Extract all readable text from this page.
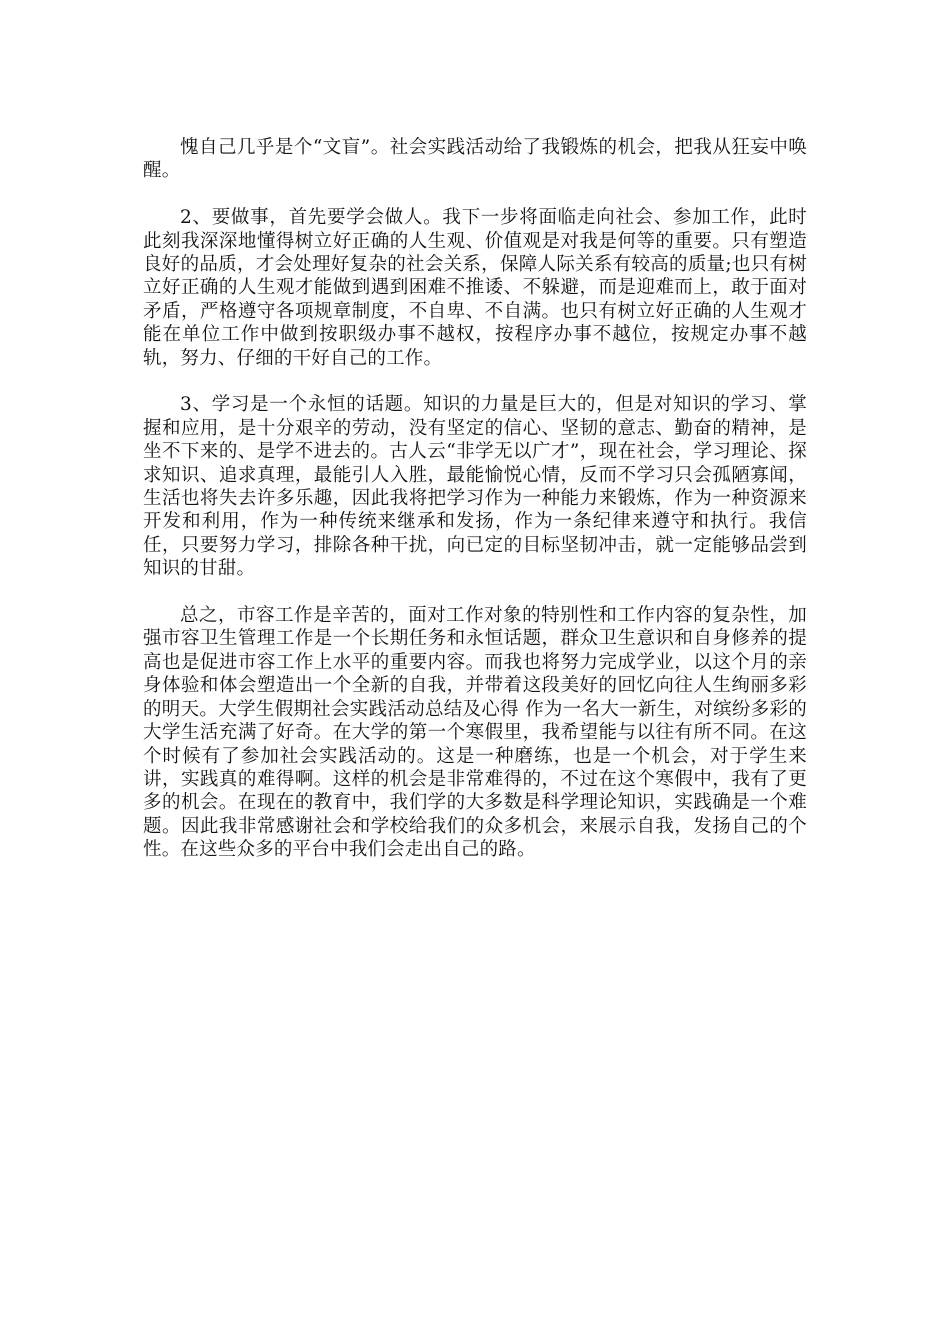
愧自己几乎是个“文盲”。社会实践活动给了我锻炼的机会，把我从狂妄中唤醒。

2、要做事，首先要学会做人。我下一步将面临走向社会、参加工作，此时此刻我深深地懂得树立好正确的人生观、价值观是对我是何等的重要。只有塑造良好的品质，才会处理好复杂的社会关系，保障人际关系有较高的质量;也只有树立好正确的人生观才能做到遇到困难不推诿、不躲避，而是迎难而上，敢于面对矛盾，严格遵守各项规章制度，不自卑、不自满。也只有树立好正确的人生观才能在单位工作中做到按职级办事不越权，按程序办事不越位，按规定办事不越轨，努力、仔细的干好自己的工作。

3、学习是一个永恒的话题。知识的力量是巨大的，但是对知识的学习、掌握和应用，是十分艰辛的劳动，没有坚定的信心、坚韧的意志、勤奋的精神，是坐不下来的、是学不进去的。古人云“非学无以广才”，现在社会，学习理论、探求知识、追求真理，最能引人入胜，最能愉悦心情，反而不学习只会孤陋寡闻，生活也将失去许多乐趣，因此我将把学习作为一种能力来锻炼，作为一种资源来开发和利用，作为一种传统来继承和发扬，作为一条纪律来遵守和执行。我信任，只要努力学习，排除各种干扰，向已定的目标坚韧冲击，就一定能够品尝到知识的甘甜。

总之，市容工作是辛苦的，面对工作对象的特别性和工作内容的复杂性，加强市容卫生管理工作是一个长期任务和永恒话题，群众卫生意识和自身修养的提高也是促进市容工作上水平的重要内容。而我也将努力完成学业，以这个月的亲身体验和体会塑造出一个全新的自我，并带着这段美好的回忆向往人生绚丽多彩的明天。大学生假期社会实践活动总结及心得 作为一名大一新生，对缤纷多彩的大学生活充满了好奇。在大学的第一个寒假里，我希望能与以往有所不同。在这个时候有了参加社会实践活动的。这是一种磨练，也是一个机会，对于学生来讲，实践真的难得啊。这样的机会是非常难得的，不过在这个寒假中，我有了更多的机会。在现在的教育中，我们学的大多数是科学理论知识，实践确是一个难题。因此我非常感谢社会和学校给我们的众多机会，来展示自我，发扬自己的个性。在这些众多的平台中我们会走出自己的路。
